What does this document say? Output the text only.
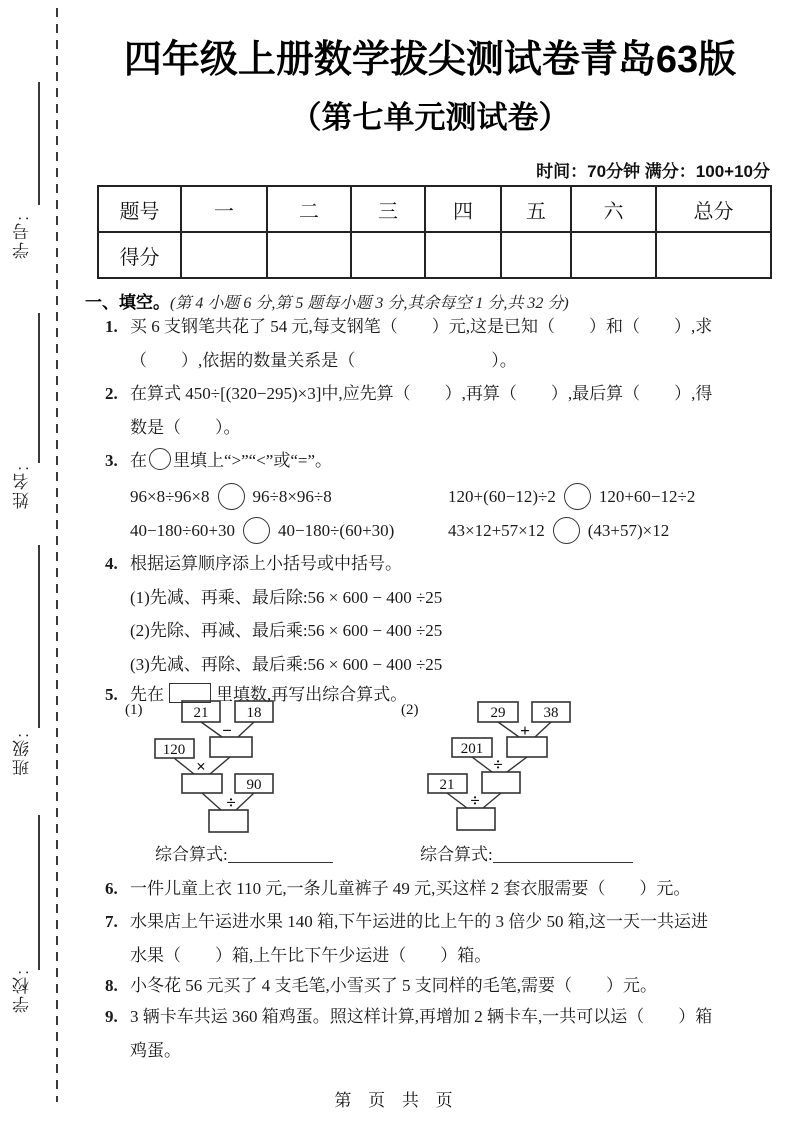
学号:
姓名:
班级:
学校:
四年级上册数学拔尖测试卷青岛63版
（第七单元测试卷）
时间：70分钟 满分：100+10分
题号	一	二	三	四	五	六	总分
得分							
一、填空。(第 4 小题 6 分,第 5 题每小题 3 分,其余每空 1 分,共 32 分)
1. 买 6 支钢笔共花了 54 元,每支钢笔（　　）元,这是已知（　　）和（　　）,求
（　　）,依据的数量关系是（　　　　　　　　）。
2. 在算式 450÷[(320−295)×3]中,应先算（　　）,再算（　　）,最后算（　　）,得
数是（　　）。
3. 在 里填上“>”“<”或“=”。
96×8÷96×8	96÷8×96÷8	120+(60−12)÷2	120+60−12÷2
40−180÷60+30	40−180÷(60+30)	43×12+57×12	(43+57)×12
4. 根据运算顺序添上小括号或中括号。
(1)先减、再乘、最后除:56 × 600 − 400 ÷25
(2)先除、再减、最后乘:56 × 600 − 400 ÷25
(3)先减、再除、最后乘:56 × 600 − 400 ÷25
5. 先在	里填数,再写出综合算式。
(1)	21	18
−
120
×
90
÷
(2)	29	38
+
201
÷
21
÷
综合算式:	综合算式:
6. 一件儿童上衣 110 元,一条儿童裤子 49 元,买这样 2 套衣服需要（　　）元。
7. 水果店上午运进水果 140 箱,下午运进的比上午的 3 倍少 50 箱,这一天一共运进
水果（　　）箱,上午比下午少运进（　　）箱。
8. 小冬花 56 元买了 4 支毛笔,小雪买了 5 支同样的毛笔,需要（　　）元。
9. 3 辆卡车共运 360 箱鸡蛋。照这样计算,再增加 2 辆卡车,一共可以运（　　）箱
鸡蛋。
第 页 共 页
